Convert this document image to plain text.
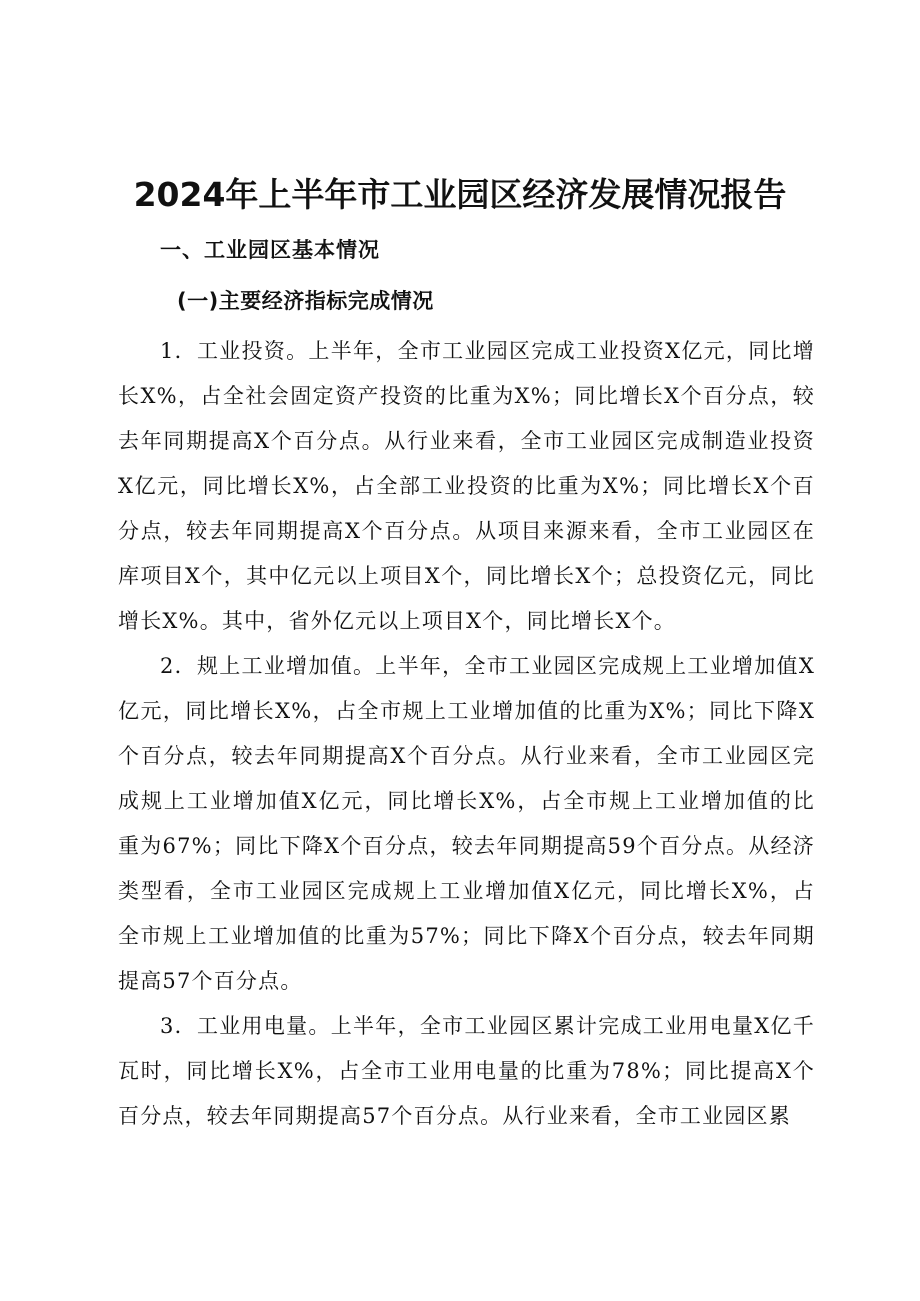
2024年上半年市工业园区经济发展情况报告
一、工业园区基本情况
(一)主要经济指标完成情况

1．工业投资。上半年，全市工业园区完成工业投资X亿元，同比增长X%，占全社会固定资产投资的比重为X%；同比增长X个百分点，较去年同期提高X个百分点。从行业来看，全市工业园区完成制造业投资X亿元，同比增长X%，占全部工业投资的比重为X%；同比增长X个百分点，较去年同期提高X个百分点。从项目来源来看，全市工业园区在库项目X个，其中亿元以上项目X个，同比增长X个；总投资亿元，同比增长X%。其中，省外亿元以上项目X个，同比增长X个。

2．规上工业增加值。上半年，全市工业园区完成规上工业增加值X亿元，同比增长X%，占全市规上工业增加值的比重为X%；同比下降X个百分点，较去年同期提高X个百分点。从行业来看，全市工业园区完成规上工业增加值X亿元，同比增长X%，占全市规上工业增加值的比重为67%；同比下降X个百分点，较去年同期提高59个百分点。从经济类型看，全市工业园区完成规上工业增加值X亿元，同比增长X%，占全市规上工业增加值的比重为57%；同比下降X个百分点，较去年同期提高57个百分点。

3．工业用电量。上半年，全市工业园区累计完成工业用电量X亿千瓦时，同比增长X%，占全市工业用电量的比重为78%；同比提高X个百分点，较去年同期提高57个百分点。从行业来看，全市工业园区累
